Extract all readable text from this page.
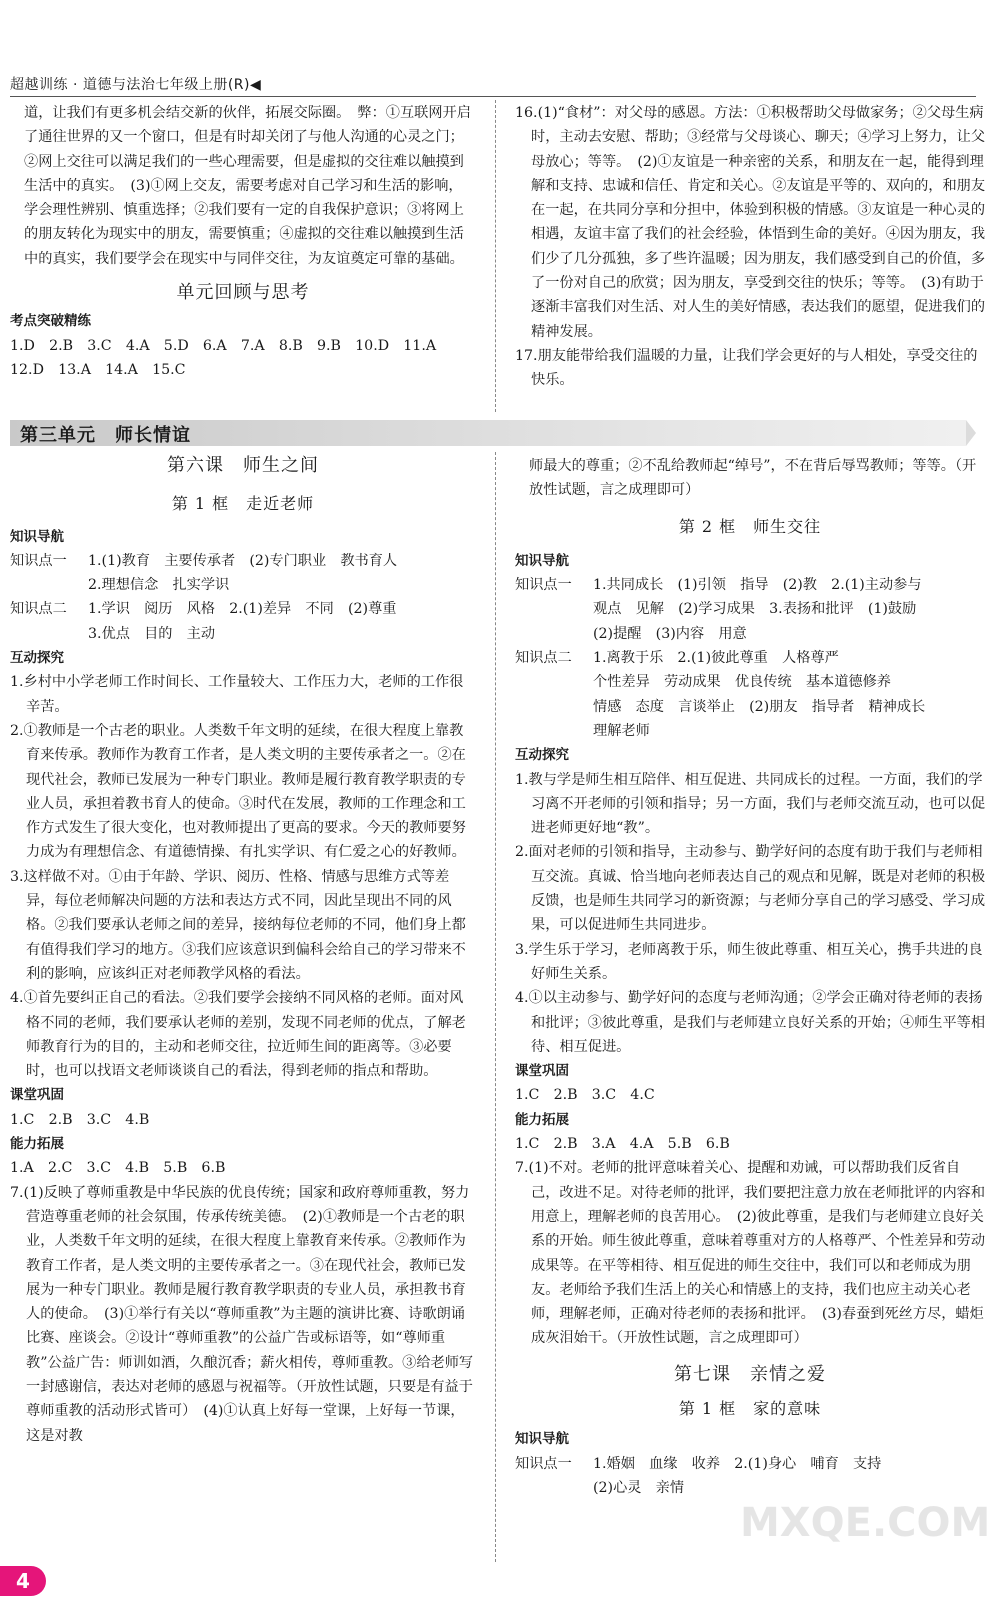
超越训练 · 道德与法治七年级上册(R)◀

道，让我们有更多机会结交新的伙伴，拓展交际圈。　弊：①互联网开启了通往世界的又一个窗口，但是有时却关闭了与他人沟通的心灵之门；②网上交往可以满足我们的一些心理需要，但是虚拟的交往难以触摸到生活中的真实。　(3)①网上交友，需要考虑对自己学习和生活的影响，学会理性辨别、慎重选择；②我们要有一定的自我保护意识；③将网上的朋友转化为现实中的朋友，需要慎重；④虚拟的交往难以触摸到生活中的真实，我们要学会在现实中与同伴交往，为友谊奠定可靠的基础。

单元回顾与思考

考点突破精练

1.D　2.B　3.C　4.A　5.D　6.A　7.A　8.B　9.B　10.D　11.A

12.D　13.A　14.A　15.C

16.(1)“食材”：对父母的感恩。方法：①积极帮助父母做家务；②父母生病时，主动去安慰、帮助；③经常与父母谈心、聊天；④学习上努力，让父母放心；等等。　(2)①友谊是一种亲密的关系，和朋友在一起，能得到理解和支持、忠诚和信任、肯定和关心。②友谊是平等的、双向的，和朋友在一起，在共同分享和分担中，体验到积极的情感。③友谊是一种心灵的相遇，友谊丰富了我们的社会经验，体悟到生命的美好。④因为朋友，我们少了几分孤独，多了些许温暖；因为朋友，我们感受到自己的价值，多了一份对自己的欣赏；因为朋友，享受到交往的快乐；等等。　(3)有助于逐渐丰富我们对生活、对人生的美好情感，表达我们的愿望，促进我们的精神发展。

17.朋友能带给我们温暖的力量，让我们学会更好的与人相处，享受交往的快乐。

第三单元　师长情谊

第六课　师生之间

第 1 框　走近老师

知识导航

知识点一	1.(1)教育　主要传承者　(2)专门职业　教书育人

2.理想信念　扎实学识

知识点二	1.学识　阅历　风格　2.(1)差异　不同　(2)尊重

3.优点　目的　主动

互动探究

1.乡村中小学老师工作时间长、工作量较大、工作压力大，老师的工作很辛苦。

2.①教师是一个古老的职业。人类数千年文明的延续，在很大程度上靠教育来传承。教师作为教育工作者，是人类文明的主要传承者之一。②在现代社会，教师已发展为一种专门职业。教师是履行教育教学职责的专业人员，承担着教书育人的使命。③时代在发展，教师的工作理念和工作方式发生了很大变化，也对教师提出了更高的要求。今天的教师要努力成为有理想信念、有道德情操、有扎实学识、有仁爱之心的好教师。

3.这样做不对。①由于年龄、学识、阅历、性格、情感与思维方式等差异，每位老师解决问题的方法和表达方式不同，因此呈现出不同的风格。②我们要承认老师之间的差异，接纳每位老师的不同，他们身上都有值得我们学习的地方。③我们应该意识到偏科会给自己的学习带来不利的影响，应该纠正对老师教学风格的看法。

4.①首先要纠正自己的看法。②我们要学会接纳不同风格的老师。面对风格不同的老师，我们要承认老师的差别，发现不同老师的优点，了解老师教育行为的目的，主动和老师交往，拉近师生间的距离等。③必要时，也可以找语文老师谈谈自己的看法，得到老师的指点和帮助。

课堂巩固

1.C　2.B　3.C　4.B

能力拓展

1.A　2.C　3.C　4.B　5.B　6.B

7.(1)反映了尊师重教是中华民族的优良传统；国家和政府尊师重教，努力营造尊重老师的社会氛围，传承传统美德。　(2)①教师是一个古老的职业，人类数千年文明的延续，在很大程度上靠教育来传承。②教师作为教育工作者，是人类文明的主要传承者之一。③在现代社会，教师已发展为一种专门职业。教师是履行教育教学职责的专业人员，承担教书育人的使命。　(3)①举行有关以“尊师重教”为主题的演讲比赛、诗歌朗诵比赛、座谈会。②设计“尊师重教”的公益广告或标语等，如“尊师重教”公益广告：师训如酒，久酿沉香；薪火相传，尊师重教。③给老师写一封感谢信，表达对老师的感恩与祝福等。（开放性试题，只要是有益于尊师重教的活动形式皆可）　(4)①认真上好每一堂课，上好每一节课，这是对教

师最大的尊重；②不乱给教师起“绰号”，不在背后辱骂教师；等等。（开放性试题，言之成理即可）

第 2 框　师生交往

知识导航

知识点一	1.共同成长　(1)引领　指导　(2)教　2.(1)主动参与

观点　见解　(2)学习成果　3.表扬和批评　(1)鼓励

(2)提醒　(3)内容　用意

知识点二	1.离教于乐　2.(1)彼此尊重　人格尊严

个性差异　劳动成果　优良传统　基本道德修养

情感　态度　言谈举止　(2)朋友　指导者　精神成长

理解老师

互动探究

1.教与学是师生相互陪伴、相互促进、共同成长的过程。一方面，我们的学习离不开老师的引领和指导；另一方面，我们与老师交流互动，也可以促进老师更好地“教”。

2.面对老师的引领和指导，主动参与、勤学好问的态度有助于我们与老师相互交流。真诚、恰当地向老师表达自己的观点和见解，既是对老师的积极反馈，也是师生共同学习的新资源；与老师分享自己的学习感受、学习成果，可以促进师生共同进步。

3.学生乐于学习，老师离教于乐，师生彼此尊重、相互关心，携手共进的良好师生关系。

4.①以主动参与、勤学好问的态度与老师沟通；②学会正确对待老师的表扬和批评；③彼此尊重，是我们与老师建立良好关系的开始；④师生平等相待、相互促进。

课堂巩固

1.C　2.B　3.C　4.C

能力拓展

1.C　2.B　3.A　4.A　5.B　6.B

7.(1)不对。老师的批评意味着关心、提醒和劝诫，可以帮助我们反省自己，改进不足。对待老师的批评，我们要把注意力放在老师批评的内容和用意上，理解老师的良苦用心。　(2)彼此尊重，是我们与老师建立良好关系的开始。师生彼此尊重，意味着尊重对方的人格尊严、个性差异和劳动成果等。在平等相待、相互促进的师生交往中，我们可以和老师成为朋友。老师给予我们生活上的关心和情感上的支持，我们也应主动关心老师，理解老师，正确对待老师的表扬和批评。　(3)春蚕到死丝方尽，蜡炬成灰泪始干。（开放性试题，言之成理即可）

第七课　亲情之爱

第 1 框　家的意味

知识导航

知识点一	1.婚姻　血缘　收养　2.(1)身心　哺育　支持

(2)心灵　亲情

MXQE.COM
4
